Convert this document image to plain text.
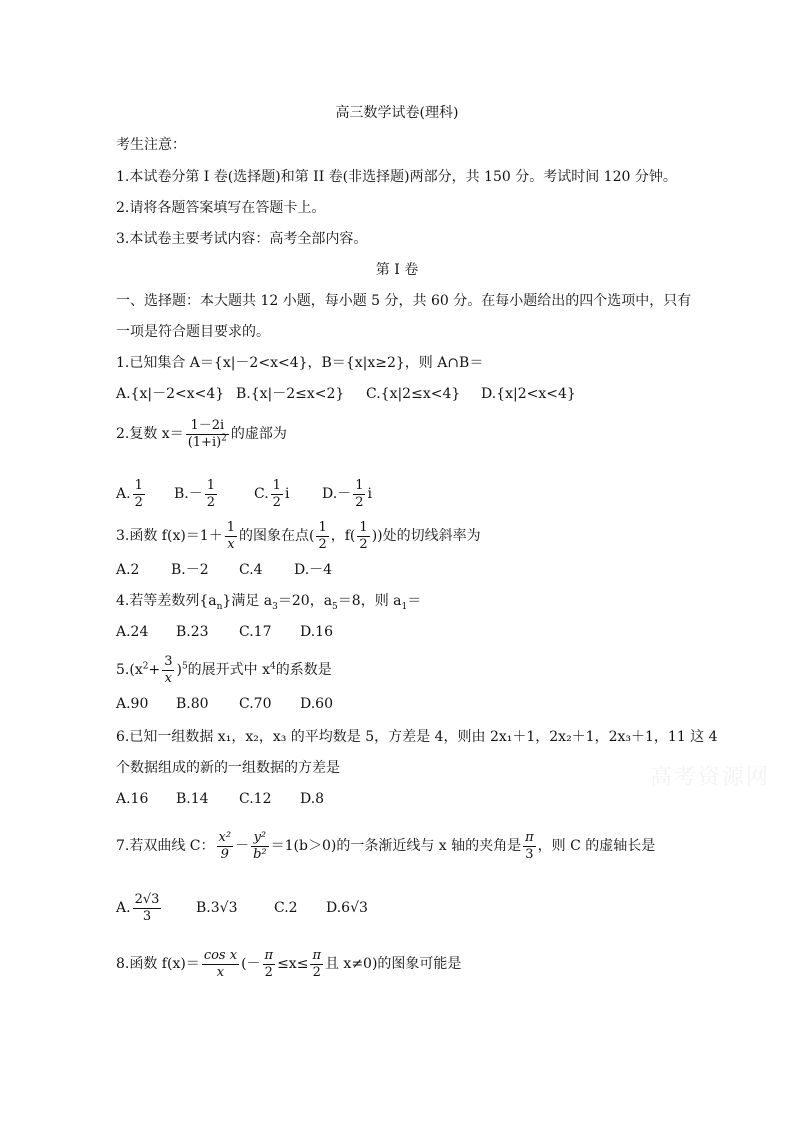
高三数学试卷(理科)
考生注意：
1.本试卷分第 I 卷(选择题)和第 II 卷(非选择题)两部分，共 150 分。考试时间 120 分钟。
2.请将各题答案填写在答题卡上。
3.本试卷主要考试内容：高考全部内容。
第 I 卷
一、选择题：本大题共 12 小题，每小题 5 分，共 60 分。在每小题给出的四个选项中，只有
一项是符合题目要求的。
1.已知集合 A＝{x|－2<x<4}，B＝{x|x≥2}，则 A∩B＝
A.{x|－2<x<4} B.{x|－2≤x<2} C.{x|2≤x<4} D.{x|2<x<4}
2.复数 $x= \frac{1-2i}{(1+i)^2}$ 的虚部为
A. $\frac{1}{2} B.- \frac{1}{2}$	C. $\frac{1}{2}$ i $D.- \frac{1}{2}$ i
3.函数 $f(x)=1+ \frac{1}{x}$ 的图象在点( $\frac{1}{2}$ ，$f( \frac{1}{2}$ ))处的切线斜率为
A.2 B.－2 C.4 D.－4
4.若等差数列$\{a_n\}$满足 $a_3=20$，$a_5=8$，则 $a_1=$
A.24 B.23 C.17 D.16
$5.(x^2+ \frac{3}{x} )^5$的展开式中 $x^4$的系数是
A.90 B.80 C.70 D.60
6.已知一组数据 x₁，x₂，x₃ 的平均数是 5，方差是 4，则由 2x₁＋1，2x₂＋1，2x₃＋1，11 这 4
个数据组成的新的一组数据的方差是
A.16 B.14 C.12 D.8
7.若双曲线 C： $\frac{\text{x²}}{9} - \frac{\text{y²}}{\text{b²}} =1(b>0)$的一条渐近线与 x 轴的夹角是 $\frac{\pi}{3}$ ，则 C 的虚轴长是
A. $\frac{2√3}{3} B.3√3$	C.2 D.6√3
8.函数 $f(x)= \frac{\text{cos x}}{x}$ (－ $\frac{\pi}{2} \le x\le \frac{\pi}{2}$ 且 x≠0)的图象可能是
高考资源网
